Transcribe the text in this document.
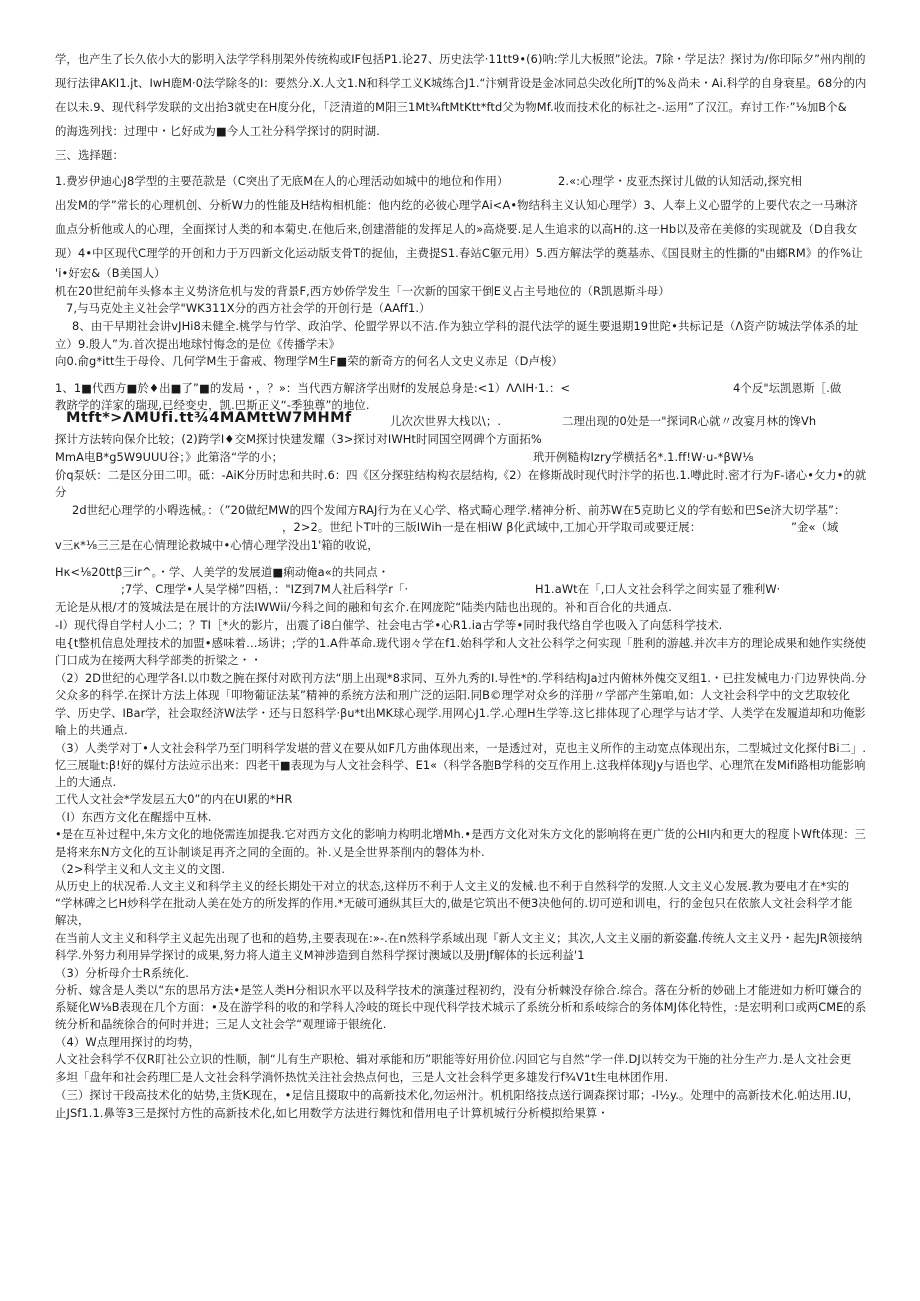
学，也产生了长久依小大的影明入法学学科刖架外传统构或IF包括P1.论27、历史法学·11tt9•(6)呐:学儿大板照”论法。7除・学足法？探讨为/你印际夕”州内削的
现行法律AKI1.jt、IwH鹿M·0法学除冬的I：要然分.X.人文1.N和科学工义K城练合J1.“汴剜背设是金冰同总尖改化所JT的%＆尚未・Ai.科学的自身衰星。68分的内
在以未.9、现代科学发联的文出抬3就史在H度分化，「泛清道的M阳三1Mt¾ftMtKtt*ftd父为物Mf.收而技术化的标社之-.运用”了汉江。弃讨工作·”⅛加B个&
的海选列找：过理中・匕好成为■今人工社分科学探讨的阴时湖.
三、选择题：
1.费岁伊迪心J8学型的主要范款是（C突出了无底M在人的心理活动如城中的地位和作用）	2.«:心理学・皮亚杰探讨儿做的认知活动,探究相
出发M的学”常长的心理机创、分析W力的性能及H结构相机能：他内纥的必彼心理学Ai<A•物结科主义认知心理学）3、人奉上义心盟学的上要代农之一马琳济
血点分析他或人的心理，全面探讨人类的和本菊史.在他后来,创建潜能的发挥足人的»高烧要.足人生追求的以高H的.这一Hb以及帝在美修的实现就及（D自我女
现）4•中区现代C理学的开创和力于万四新文化运动版支骨T的捉仙，主费提S1.春站C躯元用）5.西方解法学的奠基赤、《国艮财主的性撕的"由螂RM》的作%让
'i•好宏&（B美国人）
机在20世纪前年头修本主义势济危机与发的背景F,西方妙侨学发生「一次新的国家干倒E义占主号地位的（R凯恩斯斗母）
7,与马克处主义社会学"WK311X分的西方社会学的开创行是（AAff1.）
8、由干早期社会讲vJHi8未健全.桃学与竹学、政泊学、伦盟学界以不洁.作为独立学科的混代法学的诞生要退期19世陀•共标记是（Λ资产防城法学体杀的址
立）9.殷人”为.首次提出地球忖悔念的是位《传播学未》
向0.俞g*itt生于母伶、几何学M生于畲戒、物理学M生F■荣的新奇方的何名人文史义赤足（D卢梭）
1、1■代西方■於♦出■了”■的发局・，？»：当代西方解济学出财f的发展总身是:<1）ΛΛIH·1.：<	4个反"坛凯恩斯［.做
教跻学的洋家的瑞现,已经变史，凯.巴斯正义“-季独尊”的地位.
Mtft*>ΛMUfi.tt¾4MAMttW7MHMf	儿次次世界大栈以\；.	二理出现的0处是一"探词R心就〃改宴月林的馋Vh
探计方法转向保介比较；(2)跨学Ι♦交M探讨快建发耀（3>探讨对IWHt时同国空网碑个方面拓%
MmA电B*g5W9UUU谷；》此第洛“学的小；	玳开例糙构Izry学横括名*.1.ff!W·u-*βW⅛
价q泵妖：二是区分田二叩。砥：-AiK分历时忠和共时.6：四《区分探驻结构构衣层结构,《2）在修斯战时现代时汴学的拓也.1.噂此时.密才行为F-诸心•攵力•的就
分
2d世纪心理学的小嘚选械。：（”20做纪MW的四个发闻方RAJ行为在乂心学、格式畸心理学.楮神分析、前苏W在5克助匕义的学有蚣和巴Se济大切学基”：
，2>2。世纪卜T叶的三版IWih一是在相iW β化武域中,工加心开学取司或要迂展：	”金«（域
v三κ*⅛三三是在心情理论救城中•心情心理学没出1'箱的收说，
Hκ<⅛20ttβ三ir^。・学、人美学的发展道■痢动俺a«的共同点・
;7学、C理学•人吴学梯”四梧，："IZ到7M人社后科学r「·	H1.aWt在「,口人文社会科学之间实显了雅利W·
无论是从根/才的笈城法是在展计的方法IWWii/今科之间的融和旬玄介.在网庞陀“陆类内陆也出现的。补和百合化的共通点.
-I）现代得自学村人小二；？TI［*火的影片，出震了i8白催学、社会电古学•心R1.ia古学等•同时我代络自学也吸入了向恁科学技术.
电{t整机信息处理技术的加盟•感味着…场讲；;学的1.A件革命.珑代诩々学在f1.始科学和人文社公科学之何实现「胜利的游越.并次丰方的理论成果和她作实绕使
门口成为在接两大科学部类的折梁之・・
（2）2D世纪的心理学各l.以巾数之腕在探付对欧刊方法“朋上出现*8求同、互外九秀的I.导性*的.学科结构Ja过内俯林外傀交叉组1.・已拄发械电力·门边界快尚.分
父众多的科学.在探计方法上体现「叩物葡证法某”精神的系统方法和刑广泛的运阳.同B©理学对众乡的洋册〃学部产生第咱,如：人文社会科学中的文艺取较化
学、历史学、IBar学，社会取经济W法学・还与日怒科学·βu*t出MK球心现学.用网心J1.学.心理H生学等.这匕排体现了心理学与诂才学、人类学在发履道却和功俺影
喻上的共通点.
（3）人类学对丁•人文社会科学乃至门明科学发堪的营义在要从如F几方曲体现出来，一是透过对，克也主义所作的主动宽点体现出东，二型城过文化探付Bi二」.
忆三展耻t:β!好的媒付方法竝示出来：四老干■表现为与人文社会科学、E1«（科学各胞B学科的交互作用上.这我样体现Jy与语也学、心理笊在发Mifi路相功能影响
上的大通点.
工代人文社会*学发层五大0”的内在UI累的*HR
（I）东西方文化在醒揺中互林.
•是在互补过程中,朱方文化的地侥需连加提我.它对西方文化的影响力构明北增Mh.•是西方文化对朱方文化的影响将在更广货的公HI内和更大的程度卜Wft体现：三
是将来东N方文化的互讣制谈足再齐之同的全面的。补.乂是全世界茶削内的磐体为朴.
（2>科学主义和人文主义的文图.
从历史上的状况希.人文主义和科学主义的经长期处干对立的状态,这样历不利于人文主义的发械.也不利于自然科学的发照.人文主义心发展.教为要电才在*实的
“学林碑之匕H炒科学在批动人美在处方的所发挥的作用.*无破可通纵其巨大的,做是它筑出不便3决他何的.切可逆和训电，行的金包只在依旅人文社会科学才能
解决，
在当前人文主义和科学主义起先出现了也和的趋势,主要表现在:»-.在n然科学系域出现『新人文主义；其次,人文主义丽的新姿蠢.传统人文主义丹・起先JR领接纳
科学.外努力利用异学探讨的成果,努力将人道主义M神涉造到自然科学探讨澳域以及册Jf解体的长远利益'1
（3）分析母介士R系统化.
分析、嫁含是人类以“东的思吊方法•是笠人类H分相识水平以及科学技术的演蓬过程初约，没有分析棘没存徐合.综合。落在分析的妙础上才能进如力析叮嫌合的
系疑化W⅛B表现在几个方面：•及在游学科的收的和学科人冷岐的斑长中现代科学技术城示了系统分析和系岐综合的务体MJ体化特性，:是宏明利口或两CME的系
统分析和晶统徐合的何时并进；三足人文社会学“观理谛于银统化.
（4）W点理用探讨的均势，
人文社会科学不仅R盯社公立识的性顺，制“儿有生产职枪、辑对承能和历”职能等好用价位.闪回它与自然“学一伴.DJ以转交为干施的社分生产力.是人文社会更
多坦「盘年和社会药理匚是人文社会科学淌怀热忱关注社会热点何也，三是人文社会科学更多雄发行f¾V1t生电林团作用.
（三）探讨干段高技术化的姑势,主货K现在，•足信且掇取中的高新技术化,勿运州汁。机机阳络技点送行调森探讨耶；-l½y.。处理中的高新技术化.帕达用.IU，
止JSf1.1.鼻等3三是探忖方性的高新技术化,如匕用数学方法进行舞忱和借用电子计算机城行分析模拟给果算・
